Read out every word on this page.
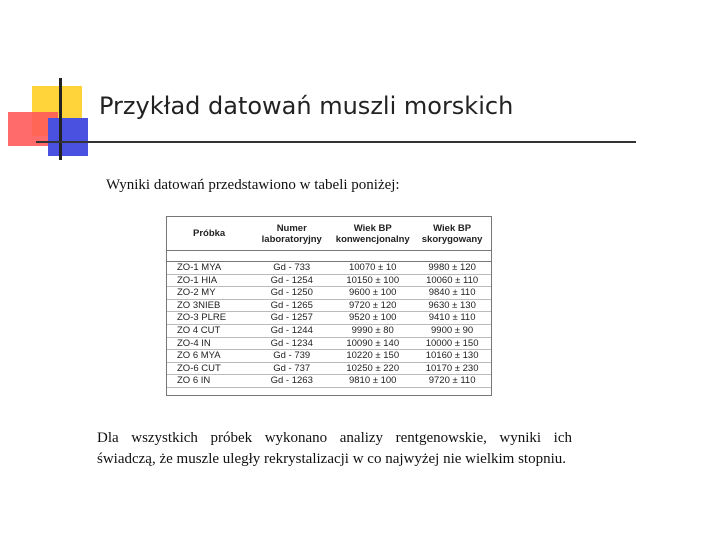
Przykład datowań muszli morskich
Wyniki datowań przedstawiono w tabeli poniżej:
Próbka	Numer laboratoryjny	Wiek BP konwencjonalny	Wiek BP skorygowany

ZO-1 MYA	Gd - 733	10070 ± 10	9980 ± 120
ZO-1 HIA	Gd - 1254	10150 ± 100	10060 ± 110
ZO-2 MY	Gd - 1250	9600 ± 100	9840 ± 110
ZO 3NIEB	Gd - 1265	9720 ± 120	9630 ± 130
ZO-3 PLRE	Gd - 1257	9520 ± 100	9410 ± 110
ZO 4 CUT	Gd - 1244	9990 ± 80	9900 ± 90
ZO-4 IN	Gd - 1234	10090 ± 140	10000 ± 150
ZO 6 MYA	Gd - 739	10220 ± 150	10160 ± 130
ZO-6 CUT	Gd - 737	10250 ± 220	10170 ± 230
ZO 6 IN	Gd - 1263	9810 ± 100	9720 ± 110

Dla wszystkich próbek wykonano analizy rentgenowskie, wyniki ich świadczą, że muszle uległy rekrystalizacji w co najwyżej nie wielkim stopniu.
